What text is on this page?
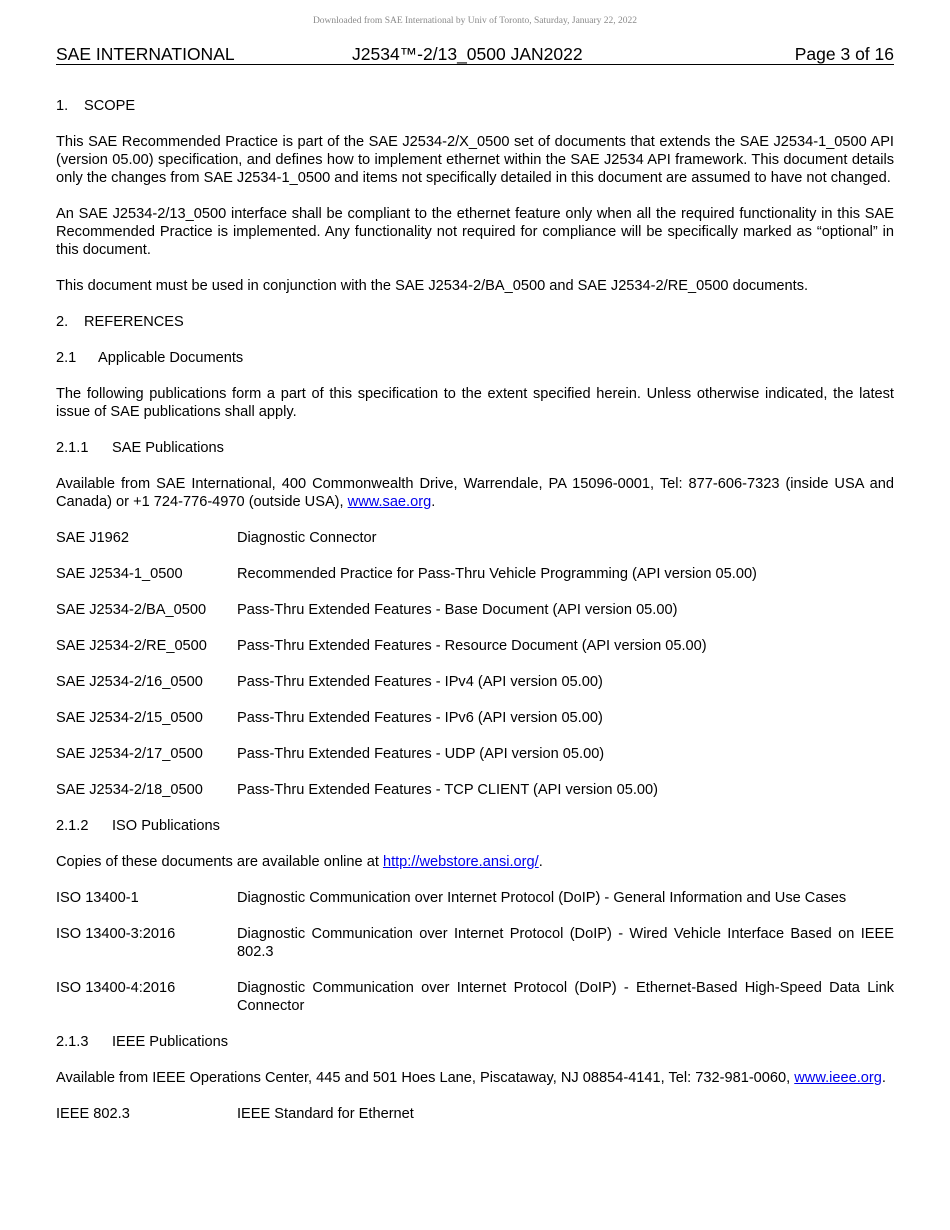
Downloaded from SAE International by Univ of Toronto, Saturday, January 22, 2022
SAE INTERNATIONAL	J2534™-2/13_0500 JAN2022	Page 3 of 16
1. SCOPE

This SAE Recommended Practice is part of the SAE J2534-2/X_0500 set of documents that extends the SAE J2534-1_0500 API (version 05.00) specification, and defines how to implement ethernet within the SAE J2534 API framework. This document details only the changes from SAE J2534-1_0500 and items not specifically detailed in this document are assumed to have not changed.

An SAE J2534-2/13_0500 interface shall be compliant to the ethernet feature only when all the required functionality in this SAE Recommended Practice is implemented. Any functionality not required for compliance will be specifically marked as “optional” in this document.

This document must be used in conjunction with the SAE J2534-2/BA_0500 and SAE J2534-2/RE_0500 documents.

2. REFERENCES
2.1 Applicable Documents

The following publications form a part of this specification to the extent specified herein. Unless otherwise indicated, the latest issue of SAE publications shall apply.

2.1.1 SAE Publications

Available from SAE International, 400 Commonwealth Drive, Warrendale, PA 15096-0001, Tel: 877-606-7323 (inside USA and Canada) or +1 724-776-4970 (outside USA), www.sae.org.

SAE J1962	Diagnostic Connector
SAE J2534-1_0500	Recommended Practice for Pass-Thru Vehicle Programming (API version 05.00)
SAE J2534-2/BA_0500	Pass-Thru Extended Features - Base Document (API version 05.00)
SAE J2534-2/RE_0500	Pass-Thru Extended Features - Resource Document (API version 05.00)
SAE J2534-2/16_0500	Pass-Thru Extended Features - IPv4 (API version 05.00)
SAE J2534-2/15_0500	Pass-Thru Extended Features - IPv6 (API version 05.00)
SAE J2534-2/17_0500	Pass-Thru Extended Features - UDP (API version 05.00)
SAE J2534-2/18_0500	Pass-Thru Extended Features - TCP CLIENT (API version 05.00)
2.1.2 ISO Publications

Copies of these documents are available online at http://webstore.ansi.org/.

ISO 13400-1	Diagnostic Communication over Internet Protocol (DoIP) - General Information and Use Cases
ISO 13400-3:2016	Diagnostic Communication over Internet Protocol (DoIP) - Wired Vehicle Interface Based on IEEE 802.3
ISO 13400-4:2016	Diagnostic Communication over Internet Protocol (DoIP) - Ethernet-Based High-Speed Data Link Connector
2.1.3 IEEE Publications

Available from IEEE Operations Center, 445 and 501 Hoes Lane, Piscataway, NJ 08854-4141, Tel: 732-981-0060, www.ieee.org.

IEEE 802.3	IEEE Standard for Ethernet
